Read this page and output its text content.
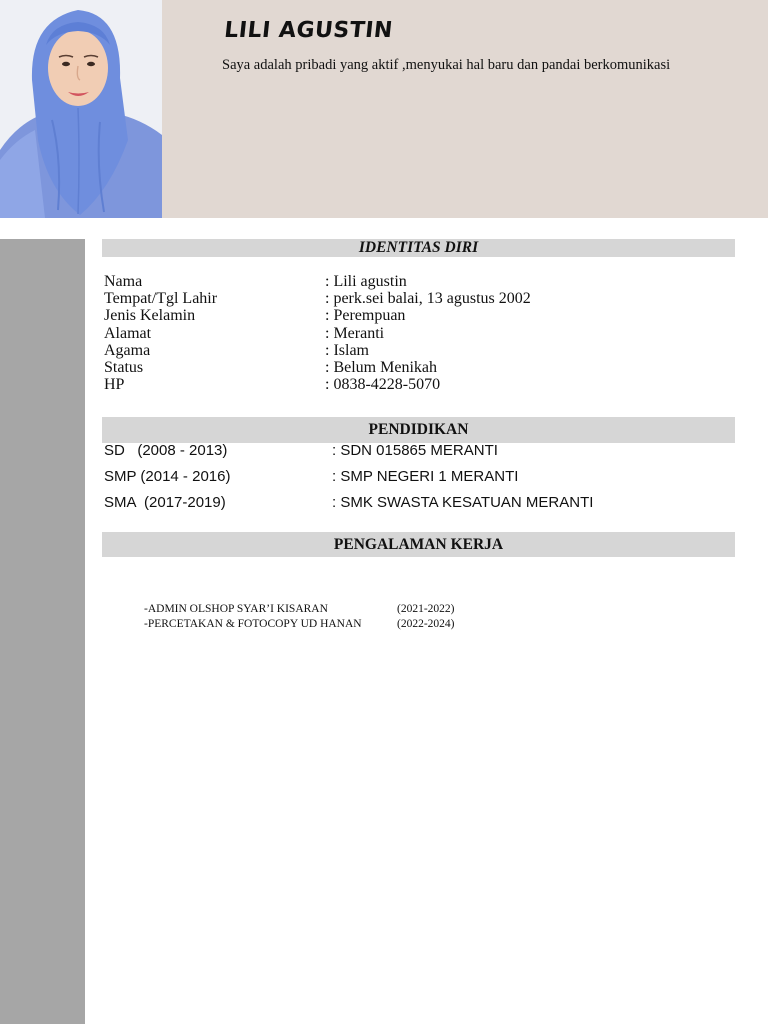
LILI AGUSTIN
Saya adalah pribadi yang aktif ,menyukai hal baru dan pandai berkomunikasi
IDENTITAS DIRI
Nama	: Lili agustin
Tempat/Tgl Lahir	: perk.sei balai, 13 agustus 2002
Jenis Kelamin	: Perempuan
Alamat	: Meranti
Agama	: Islam
Status	: Belum Menikah
HP	: 0838-4228-5070
PENDIDIKAN
SD   (2008 - 2013)	: SDN 015865 MERANTI
SMP (2014 - 2016)	: SMP NEGERI 1 MERANTI
SMA  (2017-2019)	: SMK SWASTA KESATUAN MERANTI
PENGALAMAN KERJA
-ADMIN OLSHOP SYAR’I KISARAN	(2021-2022)
-PERCETAKAN & FOTOCOPY UD HANAN	(2022-2024)
